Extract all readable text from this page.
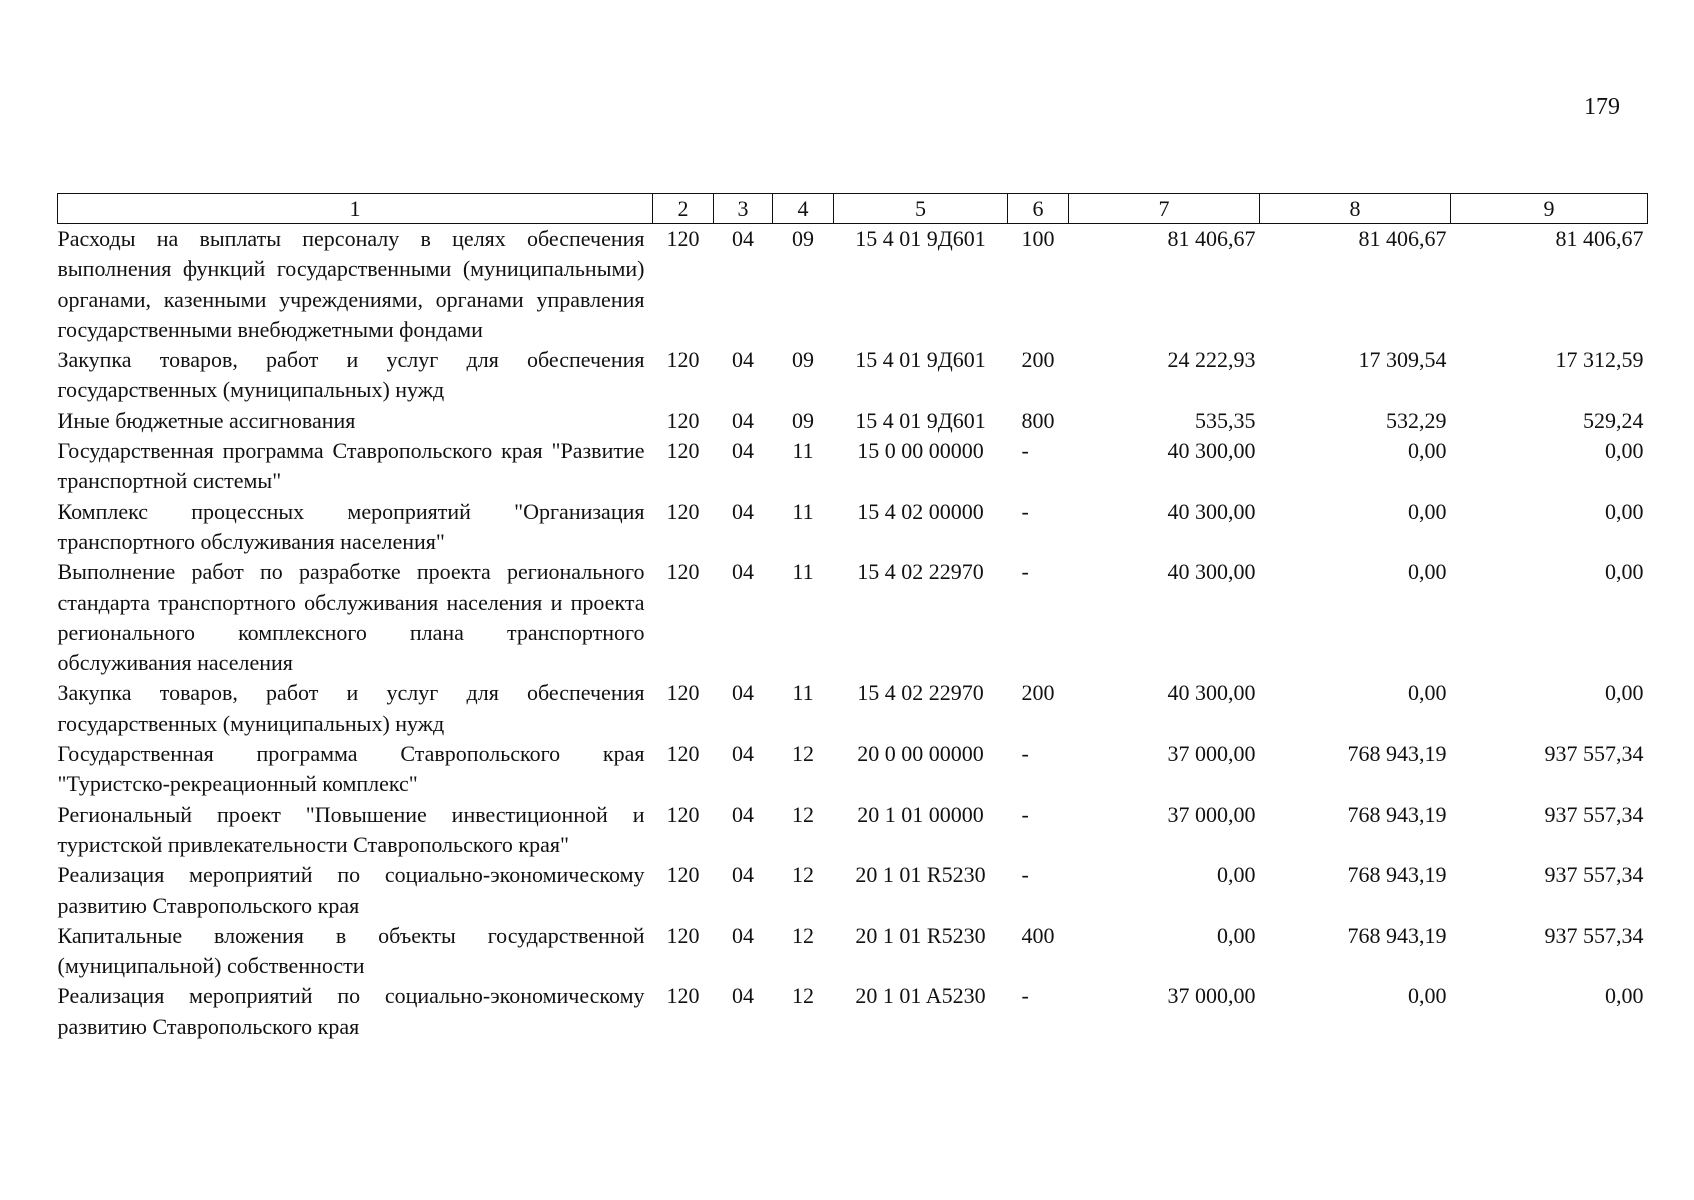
179
1	2	3	4	5	6	7	8	9
Расходы на выплаты персоналу в целях обеспечения выполнения функций государственными (муниципальными) органами, казенными учреждениями, органами управления государственными внебюджетными фондами	120	04	09	15 4 01 9Д601	100	81 406,67	81 406,67	81 406,67
Закупка товаров, работ и услуг для обеспечения государственных (муниципальных) нужд	120	04	09	15 4 01 9Д601	200	24 222,93	17 309,54	17 312,59
Иные бюджетные ассигнования	120	04	09	15 4 01 9Д601	800	535,35	532,29	529,24
Государственная программа Ставропольского края "Развитие транспортной системы"	120	04	11	15 0 00 00000	-	40 300,00	0,00	0,00
Комплекс процессных мероприятий "Организация транспортного обслуживания населения"	120	04	11	15 4 02 00000	-	40 300,00	0,00	0,00
Выполнение работ по разработке проекта регионального стандарта транспортного обслуживания населения и проекта регионального комплексного плана транспортного обслуживания населения	120	04	11	15 4 02 22970	-	40 300,00	0,00	0,00
Закупка товаров, работ и услуг для обеспечения государственных (муниципальных) нужд	120	04	11	15 4 02 22970	200	40 300,00	0,00	0,00
Государственная программа Ставропольского края "Туристско-рекреационный комплекс"	120	04	12	20 0 00 00000	-	37 000,00	768 943,19	937 557,34
Региональный проект "Повышение инвестиционной и туристской привлекательности Ставропольского края"	120	04	12	20 1 01 00000	-	37 000,00	768 943,19	937 557,34
Реализация мероприятий по социально-экономическому развитию Ставропольского края	120	04	12	20 1 01 R5230	-	0,00	768 943,19	937 557,34
Капитальные вложения в объекты государственной (муниципальной) собственности	120	04	12	20 1 01 R5230	400	0,00	768 943,19	937 557,34
Реализация мероприятий по социально-экономическому развитию Ставропольского края	120	04	12	20 1 01 A5230	-	37 000,00	0,00	0,00
